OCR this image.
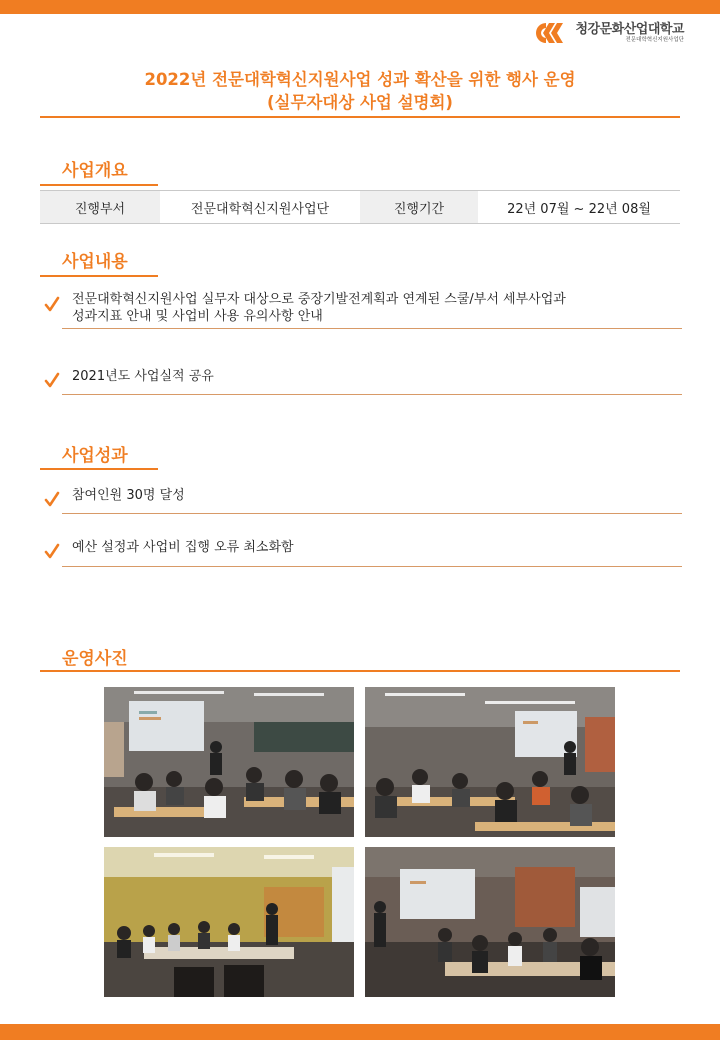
청강문화산업대학교
전문대학혁신지원사업단
2022년 전문대학혁신지원사업 성과 확산을 위한 행사 운영
(실무자대상 사업 설명회)
사업개요
진행부서	전문대학혁신지원사업단	진행기간	22년 07월 ~ 22년 08월
사업내용
전문대학혁신지원사업 실무자 대상으로 중장기발전계획과 연계된 스쿨/부서 세부사업과
성과지표 안내 및 사업비 사용 유의사항 안내
2021년도 사업실적 공유
사업성과
참여인원 30명 달성
예산 설정과 사업비 집행 오류 최소화함
운영사진
